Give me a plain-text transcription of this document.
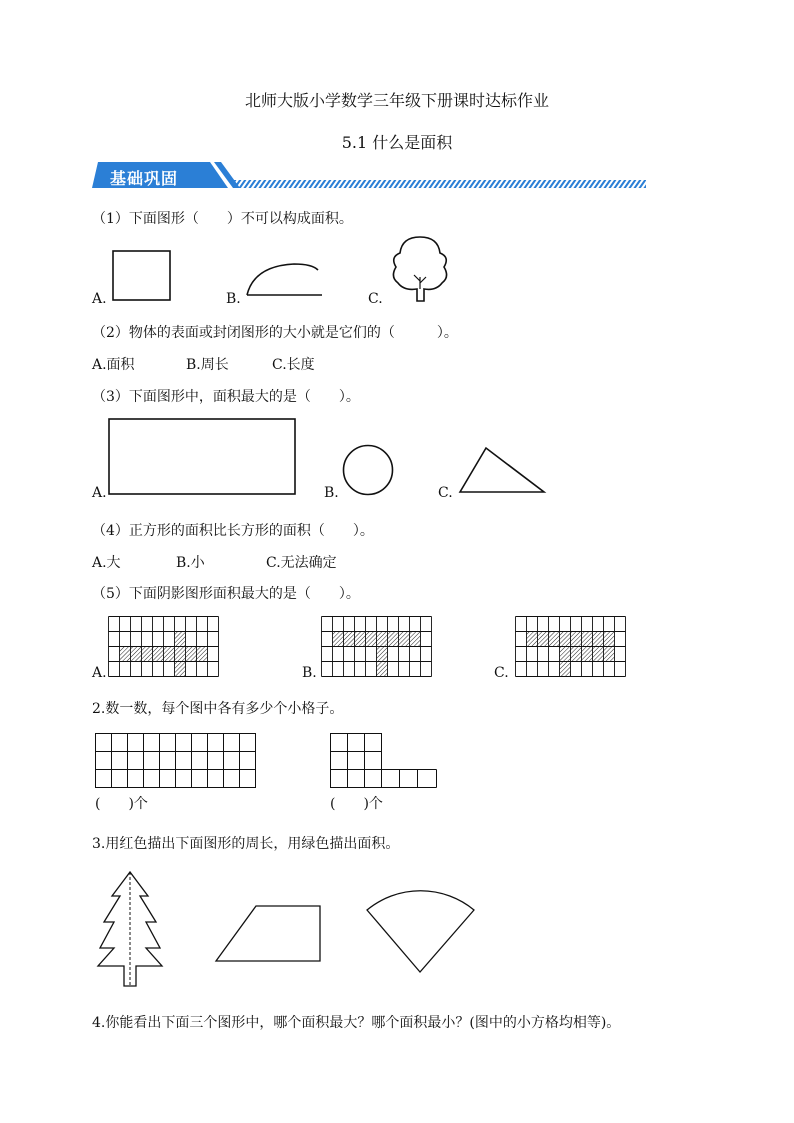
北师大版小学数学三年级下册课时达标作业
5.1 什么是面积
基础巩固
（1）下面图形（　　）不可以构成面积。
A.	B.	C.
（2）物体的表面或封闭图形的大小就是它们的（　　　）。
A.面积	B.周长	C.长度
（3）下面图形中，面积最大的是（　　）。
A.	B.	C.
（4）正方形的面积比长方形的面积（　　）。
A.大	B.小	C.无法确定
（5）下面阴影图形面积最大的是（　　）。
A.	B.	C.
2.数一数，每个图中各有多少个小格子。
(　　)个	(　　)个
3.用红色描出下面图形的周长，用绿色描出面积。
4.你能看出下面三个图形中，哪个面积最大？哪个面积最小？(图中的小方格均相等)。
